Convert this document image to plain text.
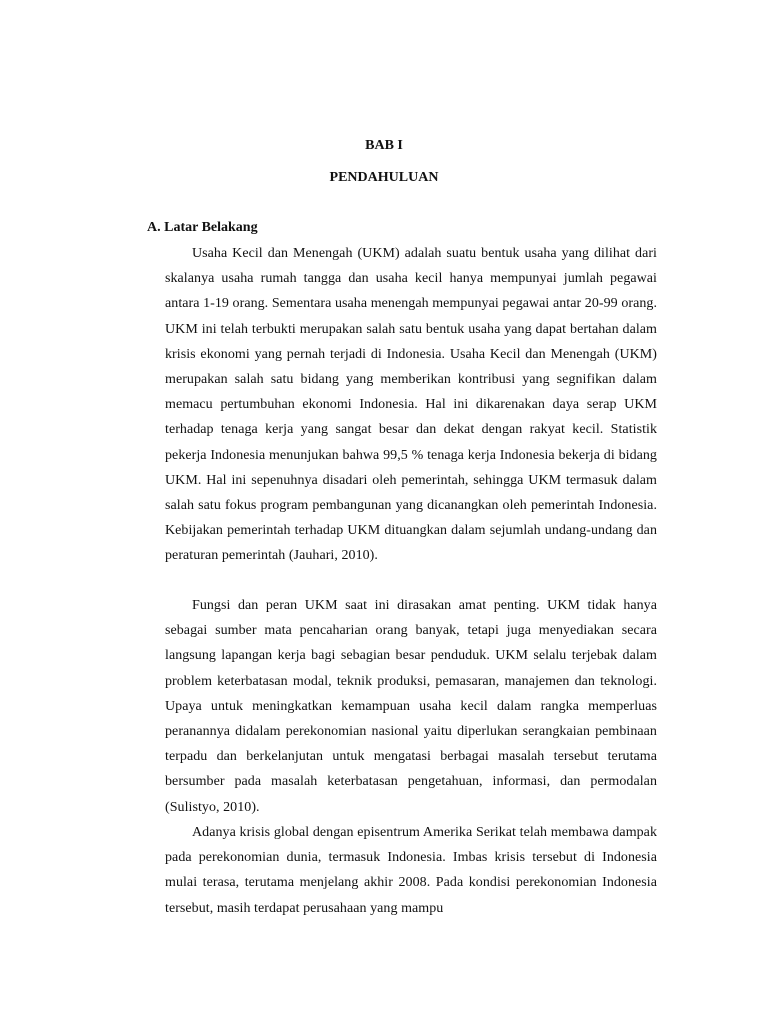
BAB I
PENDAHULUAN
A. Latar Belakang

Usaha Kecil dan Menengah (UKM) adalah suatu bentuk usaha yang dilihat dari skalanya usaha rumah tangga dan usaha kecil hanya mempunyai jumlah pegawai antara 1-19 orang. Sementara usaha menengah mempunyai pegawai antar 20-99 orang. UKM ini telah terbukti merupakan salah satu bentuk usaha yang dapat bertahan dalam krisis ekonomi yang pernah terjadi di Indonesia. Usaha Kecil dan Menengah (UKM) merupakan salah satu bidang yang memberikan kontribusi yang segnifikan dalam memacu pertumbuhan ekonomi Indonesia. Hal ini dikarenakan daya serap UKM terhadap tenaga kerja yang sangat besar dan dekat dengan rakyat kecil. Statistik pekerja Indonesia menunjukan bahwa 99,5 % tenaga kerja Indonesia bekerja di bidang UKM. Hal ini sepenuhnya disadari oleh pemerintah, sehingga UKM termasuk dalam salah satu fokus program pembangunan yang dicanangkan oleh pemerintah Indonesia. Kebijakan pemerintah terhadap UKM dituangkan dalam sejumlah undang-undang dan peraturan pemerintah (Jauhari, 2010).

Fungsi dan peran UKM saat ini dirasakan amat penting. UKM tidak hanya sebagai sumber mata pencaharian orang banyak, tetapi juga menyediakan secara langsung lapangan kerja bagi sebagian besar penduduk. UKM selalu terjebak dalam problem keterbatasan modal, teknik produksi, pemasaran, manajemen dan teknologi. Upaya untuk meningkatkan kemampuan usaha kecil dalam rangka memperluas peranannya didalam perekonomian nasional yaitu diperlukan serangkaian pembinaan terpadu dan berkelanjutan untuk mengatasi berbagai masalah tersebut terutama bersumber pada masalah keterbatasan pengetahuan, informasi, dan permodalan (Sulistyo, 2010).

Adanya krisis global dengan episentrum Amerika Serikat telah membawa dampak pada perekonomian dunia, termasuk Indonesia. Imbas krisis tersebut di Indonesia mulai terasa, terutama menjelang akhir 2008. Pada kondisi perekonomian Indonesia tersebut, masih terdapat perusahaan yang mampu
